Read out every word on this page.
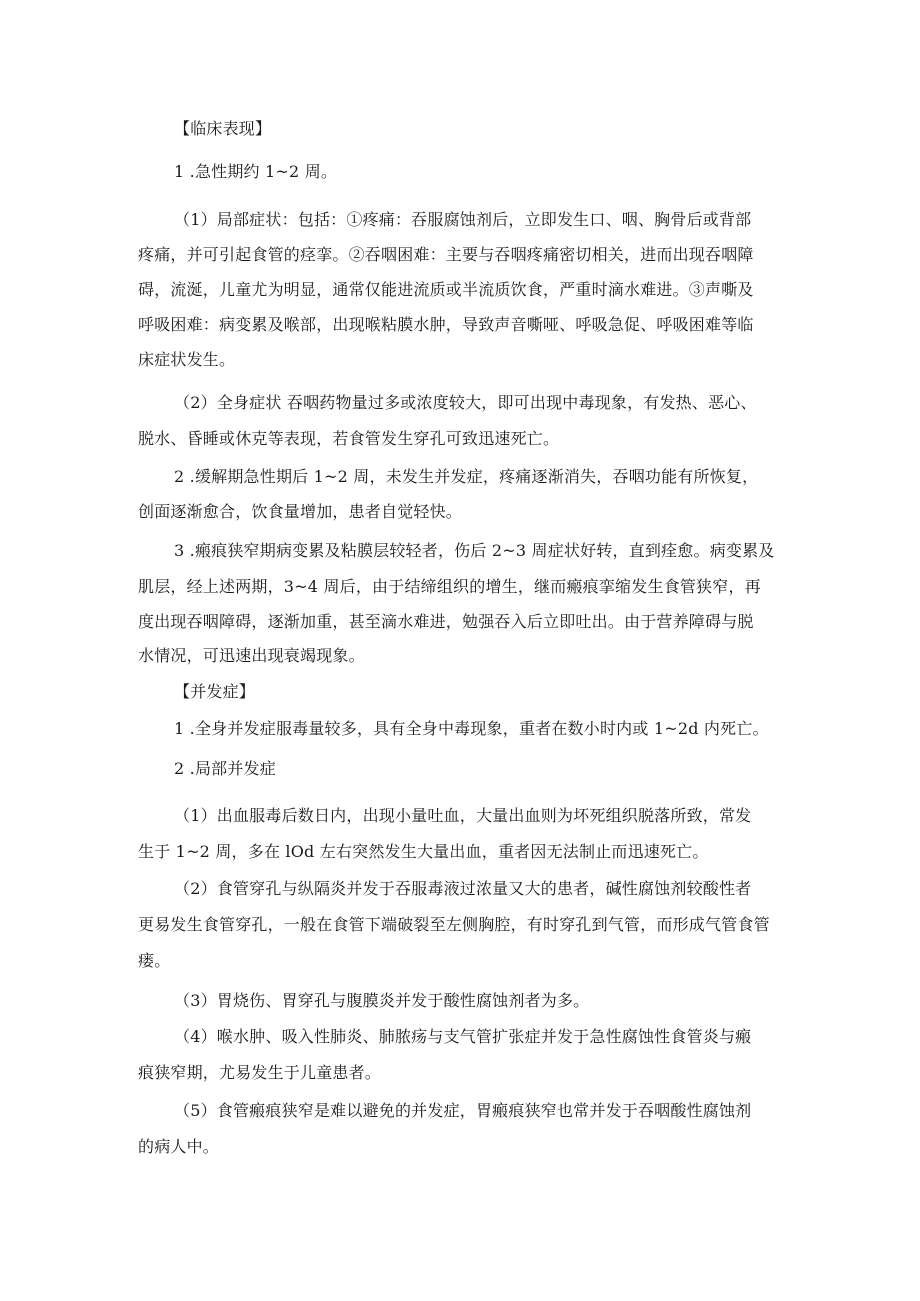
【临床表现】
1 .急性期约 1~2 周。
（1）局部症状：包括：①疼痛：吞服腐蚀剂后，立即发生口、咽、胸骨后或背部
疼痛，并可引起食管的痉挛。②吞咽困难：主要与吞咽疼痛密切相关，进而出现吞咽障
碍，流涎，儿童尤为明显，通常仅能进流质或半流质饮食，严重时滴水难进。③声嘶及
呼吸困难：病变累及喉部，出现喉粘膜水肿，导致声音嘶哑、呼吸急促、呼吸困难等临
床症状发生。
（2）全身症状 吞咽药物量过多或浓度较大，即可出现中毒现象，有发热、恶心、
脱水、昏睡或休克等表现，若食管发生穿孔可致迅速死亡。
2 .缓解期急性期后 1~2 周，未发生并发症，疼痛逐渐消失，吞咽功能有所恢复，
创面逐渐愈合，饮食量增加，患者自觉轻快。
3 .瘢痕狭窄期病变累及粘膜层较轻者，伤后 2~3 周症状好转，直到痊愈。病变累及
肌层，经上述两期，3~4 周后，由于结缔组织的增生，继而瘢痕挛缩发生食管狭窄，再
度出现吞咽障碍，逐渐加重，甚至滴水难进，勉强吞入后立即吐出。由于营养障碍与脱
水情况，可迅速出现衰竭现象。
【并发症】
1 .全身并发症服毒量较多，具有全身中毒现象，重者在数小时内或 1~2d 内死亡。
2 .局部并发症
（1）出血服毒后数日内，出现小量吐血，大量出血则为坏死组织脱落所致，常发
生于 1~2 周，多在 lOd 左右突然发生大量出血，重者因无法制止而迅速死亡。
（2）食管穿孔与纵隔炎并发于吞服毒液过浓量又大的患者，碱性腐蚀剂较酸性者
更易发生食管穿孔，一般在食管下端破裂至左侧胸腔，有时穿孔到气管，而形成气管食管
瘘。
（3）胃烧伤、胃穿孔与腹膜炎并发于酸性腐蚀剂者为多。
（4）喉水肿、吸入性肺炎、肺脓疡与支气管扩张症并发于急性腐蚀性食管炎与瘢
痕狭窄期，尤易发生于儿童患者。
（5）食管瘢痕狭窄是难以避免的并发症，胃瘢痕狭窄也常并发于吞咽酸性腐蚀剂
的病人中。
